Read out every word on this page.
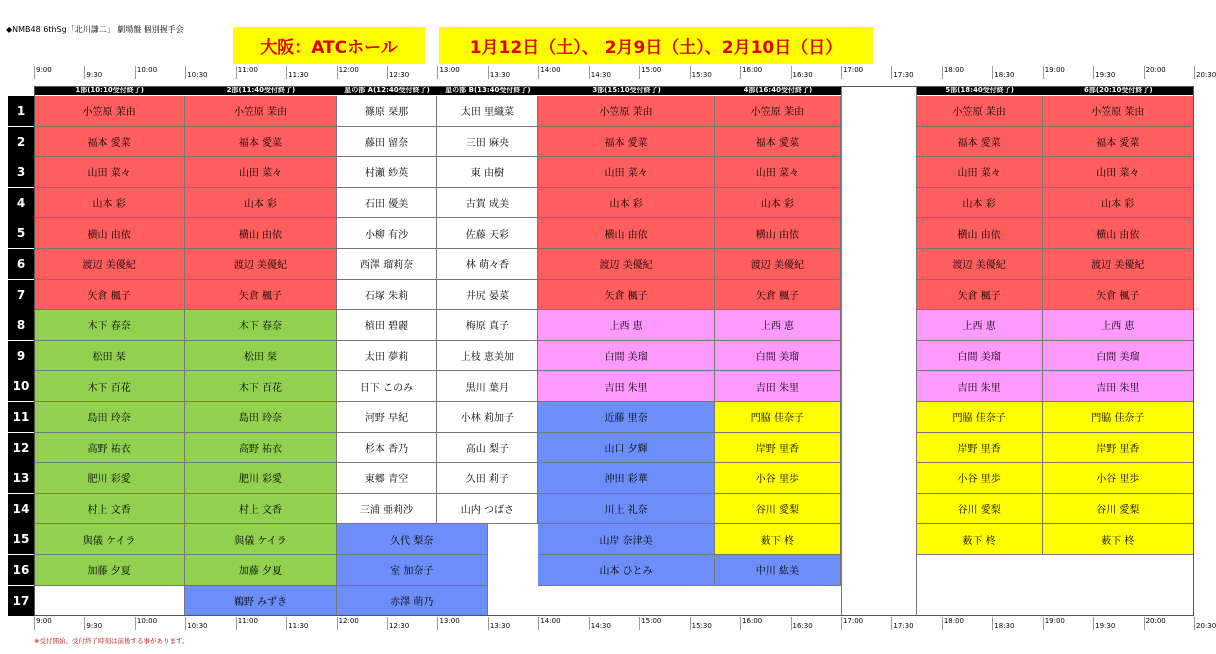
◆NMB48 6thSg「北川謙二」 劇場盤 個別握手会
大阪：ATCホール	1月12日（土）、 2月9日（土）、2月10日（日）
9:00
9:30
10:00
10:30
11:00
11:30
12:00
12:30
13:00
13:30
14:00
14:30
15:00
15:30
16:00
16:30
17:00
17:30
18:00
18:30
19:00
19:30
20:00
20:30
9:00
9:30
10:00
10:30
11:00
11:30
12:00
12:30
13:00
13:30
14:00
14:30
15:00
15:30
16:00
16:30
17:00
17:30
18:00
18:30
19:00
19:30
20:00
20:30
1
2
3
4
5
6
7
8
9
10
11
12
13
14
15
16
17
1部(10:10受付終了)
小笠原 茉由
福本 愛菜
山田 菜々
山本 彩
横山 由依
渡辺 美優紀
矢倉 楓子
木下 春奈
松田 栞
木下 百花
島田 玲奈
高野 祐衣
肥川 彩愛
村上 文香
與儀 ケイラ
加藤 夕夏
2部(11:40受付終了)
小笠原 茉由
福本 愛菜
山田 菜々
山本 彩
横山 由依
渡辺 美優紀
矢倉 楓子
木下 春奈
松田 栞
木下 百花
島田 玲奈
高野 祐衣
肥川 彩愛
村上 文香
與儀 ケイラ
加藤 夕夏
鵜野 みずき
星の部 A(12:40受付終了)
篠原 栞那
藤田 留奈
村瀬 紗英
石田 優美
小柳 有沙
西澤 瑠莉奈
石塚 朱莉
植田 碧麗
太田 夢莉
日下 このみ
河野 早紀
杉本 香乃
東郷 青空
三浦 亜莉沙
星の部 B(13:40受付終了)
太田 里織菜
三田 麻央
東 由樹
古賀 成美
佐藤 天彩
林 萌々香
井尻 晏菜
梅原 真子
上枝 恵美加
黒川 葉月
小林 莉加子
高山 梨子
久田 莉子
山内 つばさ
3部(15:10受付終了)
小笠原 茉由
福本 愛菜
山田 菜々
山本 彩
横山 由依
渡辺 美優紀
矢倉 楓子
上西 恵
白間 美瑠
吉田 朱里
近藤 里奈
山口 夕輝
沖田 彩華
川上 礼奈
山岸 奈津美
山本 ひとみ
4部(16:40受付終了)
小笠原 茉由
福本 愛菜
山田 菜々
山本 彩
横山 由依
渡辺 美優紀
矢倉 楓子
上西 恵
白間 美瑠
吉田 朱里
門脇 佳奈子
岸野 里香
小谷 里歩
谷川 愛梨
薮下 柊
中川 紘美
5部(18:40受付終了)
小笠原 茉由
福本 愛菜
山田 菜々
山本 彩
横山 由依
渡辺 美優紀
矢倉 楓子
上西 恵
白間 美瑠
吉田 朱里
門脇 佳奈子
岸野 里香
小谷 里歩
谷川 愛梨
薮下 柊
6部(20:10受付終了)
小笠原 茉由
福本 愛菜
山田 菜々
山本 彩
横山 由依
渡辺 美優紀
矢倉 楓子
上西 恵
白間 美瑠
吉田 朱里
門脇 佳奈子
岸野 里香
小谷 里歩
谷川 愛梨
薮下 柊
久代 梨奈
室 加奈子
赤澤 萌乃
※受付開始、受付終了時刻は前後する事があります。
